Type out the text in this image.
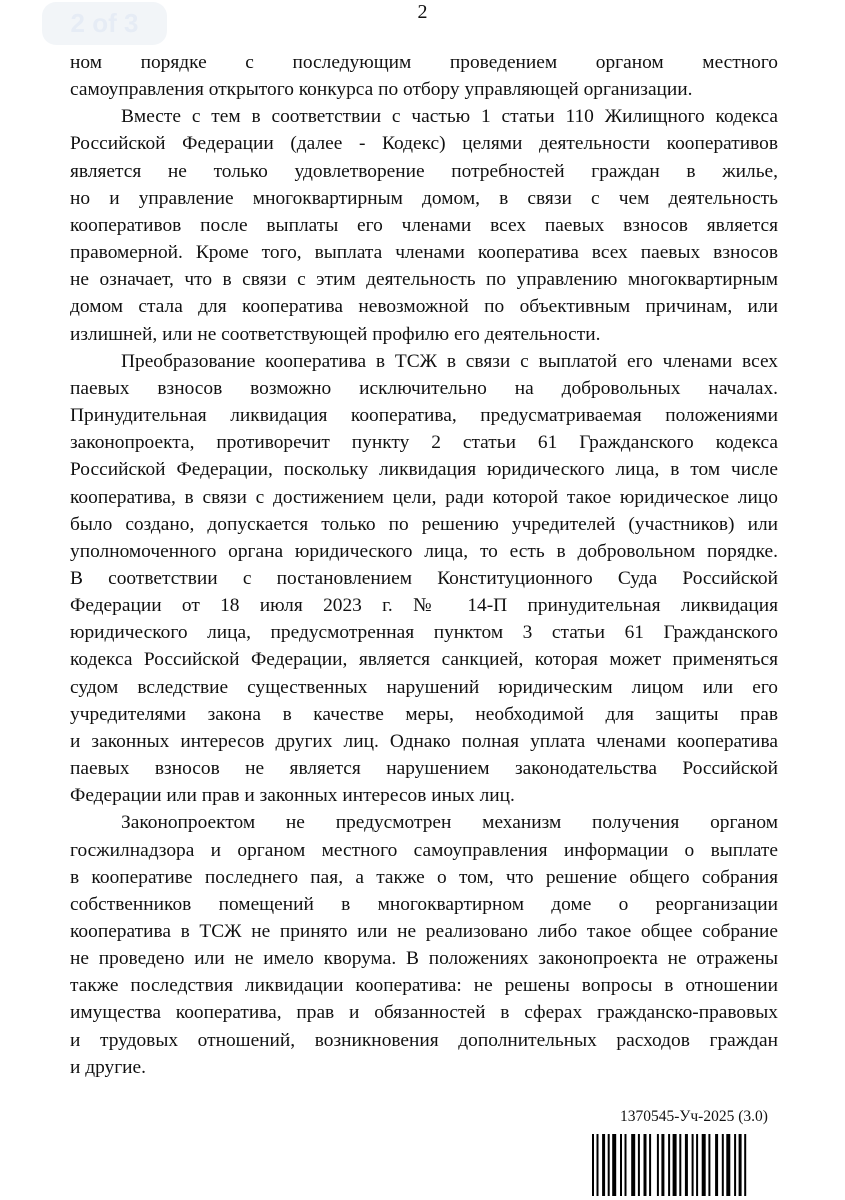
2
ном порядке с последующим проведением органом местного
самоуправления открытого конкурса по отбору управляющей организации.
Вместе с тем в соответствии с частью 1 статьи 110 Жилищного кодекса
Российской Федерации (далее - Кодекс) целями деятельности кооперативов
является не только удовлетворение потребностей граждан в жилье,
но и управление многоквартирным домом, в связи с чем деятельность
кооперативов после выплаты его членами всех паевых взносов является
правомерной. Кроме того, выплата членами кооператива всех паевых взносов
не означает, что в связи с этим деятельность по управлению многоквартирным
домом стала для кооператива невозможной по объективным причинам, или
излишней, или не соответствующей профилю его деятельности.
Преобразование кооператива в ТСЖ в связи с выплатой его членами всех
паевых взносов возможно исключительно на добровольных началах.
Принудительная ликвидация кооператива, предусматриваемая положениями
законопроекта, противоречит пункту 2 статьи 61 Гражданского кодекса
Российской Федерации, поскольку ликвидация юридического лица, в том числе
кооператива, в связи с достижением цели, ради которой такое юридическое лицо
было создано, допускается только по решению учредителей (участников) или
уполномоченного органа юридического лица, то есть в добровольном порядке.
В соответствии с постановлением Конституционного Суда Российской
Федерации от 18 июля 2023 г. № 14-П принудительная ликвидация
юридического лица, предусмотренная пунктом 3 статьи 61 Гражданского
кодекса Российской Федерации, является санкцией, которая может применяться
судом вследствие существенных нарушений юридическим лицом или его
учредителями закона в качестве меры, необходимой для защиты прав
и законных интересов других лиц. Однако полная уплата членами кооператива
паевых взносов не является нарушением законодательства Российской
Федерации или прав и законных интересов иных лиц.
Законопроектом не предусмотрен механизм получения органом
госжилнадзора и органом местного самоуправления информации о выплате
в кооперативе последнего пая, а также о том, что решение общего собрания
собственников помещений в многоквартирном доме о реорганизации
кооператива в ТСЖ не принято или не реализовано либо такое общее собрание
не проведено или не имело кворума. В положениях законопроекта не отражены
также последствия ликвидации кооператива: не решены вопросы в отношении
имущества кооператива, прав и обязанностей в сферах гражданско-правовых
и трудовых отношений, возникновения дополнительных расходов граждан
и другие.
2 of 3
1370545-Уч-2025 (3.0)
